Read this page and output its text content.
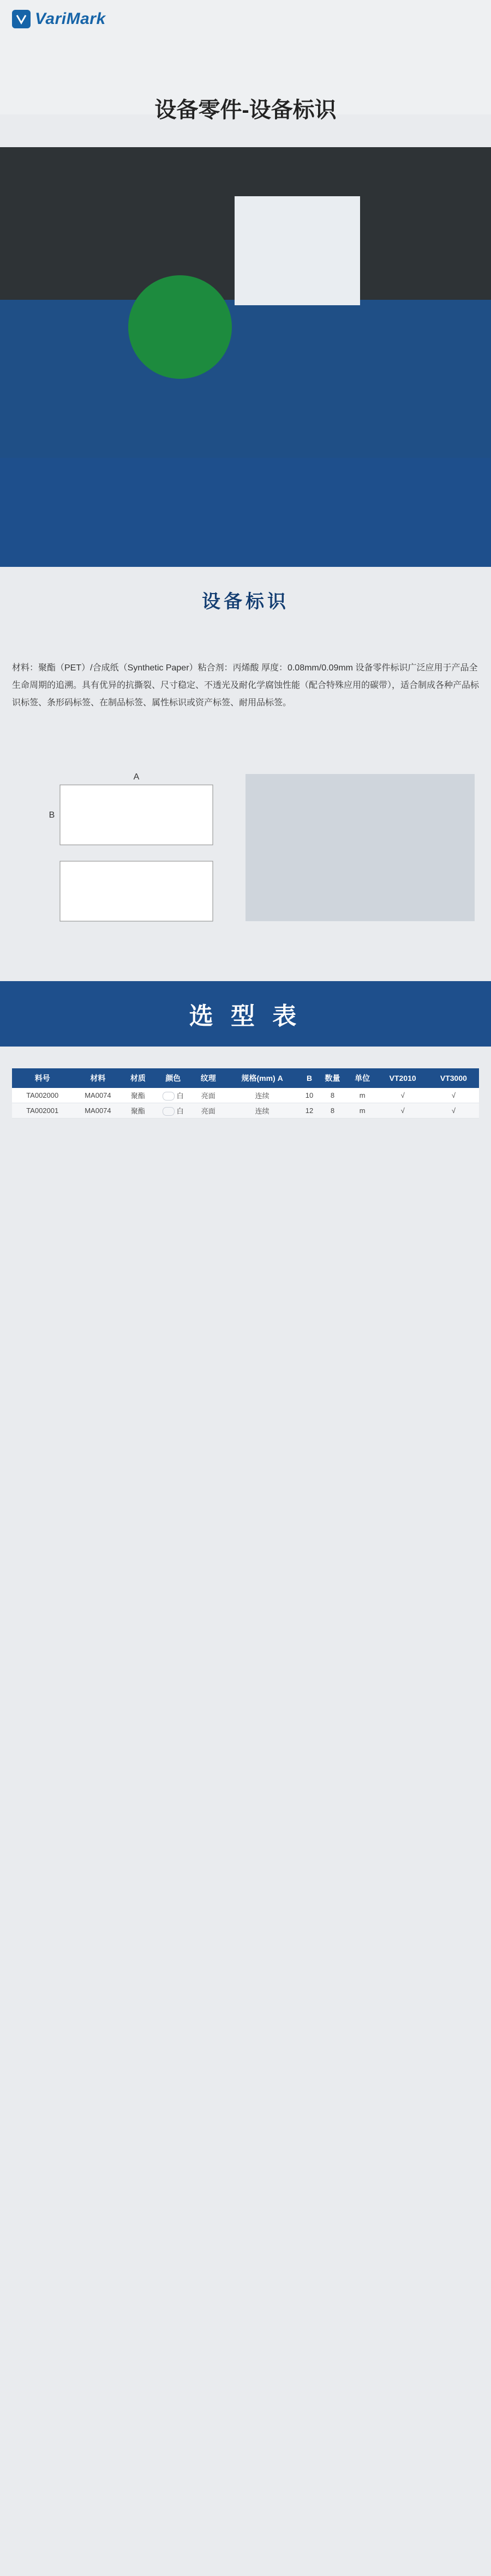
VariMark
设备零件-设备标识
设备标识
材料：聚酯（PET）/合成纸（Synthetic Paper）粘合剂：丙烯酸 厚度：0.08mm/0.09mm 设备零件标识广泛应用于产品全生命周期的追溯。具有优异的抗撕裂、尺寸稳定、不透光及耐化学腐蚀性能（配合特殊应用的碳带），适合制成各种产品标识标签、条形码标签、在制品标签、属性标识或资产标签、耐用品标签。
A
B
选 型 表
料号	材料	材质	颜色	纹理	规格(mm) A	B	数量	单位	VT2010	VT3000
TA002000	MA0074	聚酯	白	亮面	连续	10	8	m	√	√
TA002001	MA0074	聚酯	白	亮面	连续	12	8	m	√	√
